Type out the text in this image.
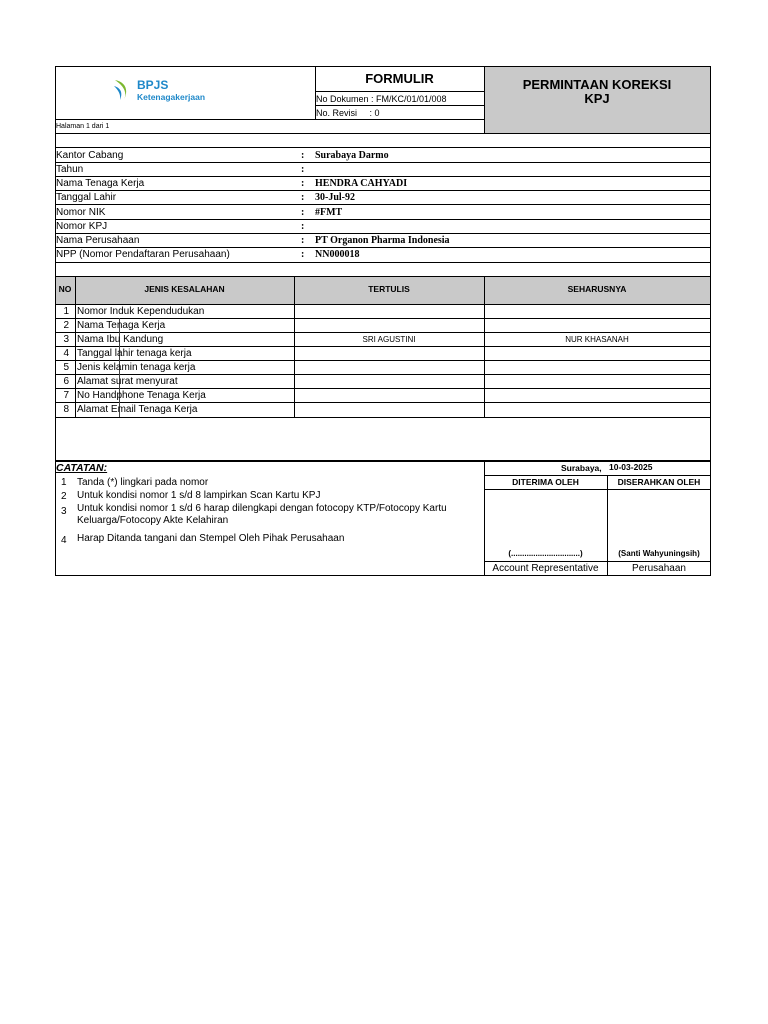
BPJS
Ketenagakerjaan
FORMULIR
No Dokumen : FM/KC/01/01/008
No. Revisi     : 0
PERMINTAAN KOREKSI
KPJ
Halaman 1 dari 1
Kantor Cabang	: Surabaya Darmo
Tahun	:
Nama Tenaga Kerja	: HENDRA CAHYADI
Tanggal Lahir	: 30-Jul-92
Nomor NIK	: #FMT
Nomor KPJ	:
Nama Perusahaan	: PT Organon Pharma Indonesia
NPP (Nomor Pendaftaran Perusahaan)	: NN000018
NO	JENIS KESALAHAN	TERTULIS	SEHARUSNYA
1 Nomor Induk Kependudukan
2 Nama Tenaga Kerja
3 Nama Ibu Kandung	SRI AGUSTINI	NUR KHASANAH
4 Tanggal lahir tenaga kerja
5 Jenis kelamin tenaga kerja
6 Alamat surat menyurat
7 No Handphone Tenaga Kerja
8 Alamat Email Tenaga Kerja
CATATAN:
1 Tanda (*) lingkari pada nomor
2 Untuk kondisi nomor 1 s/d 8 lampirkan Scan Kartu KPJ
3 Untuk kondisi nomor 1 s/d 6 harap dilengkapi dengan fotocopy KTP/Fotocopy Kartu
Keluarga/Fotocopy Akte Kelahiran
4 Harap Ditanda tangani dan Stempel Oleh Pihak Perusahaan
Surabaya, 10-03-2025
DITERIMA OLEH	DISERAHKAN OLEH
(...............................)	(Santi Wahyuningsih)
Account Representative	Perusahaan
